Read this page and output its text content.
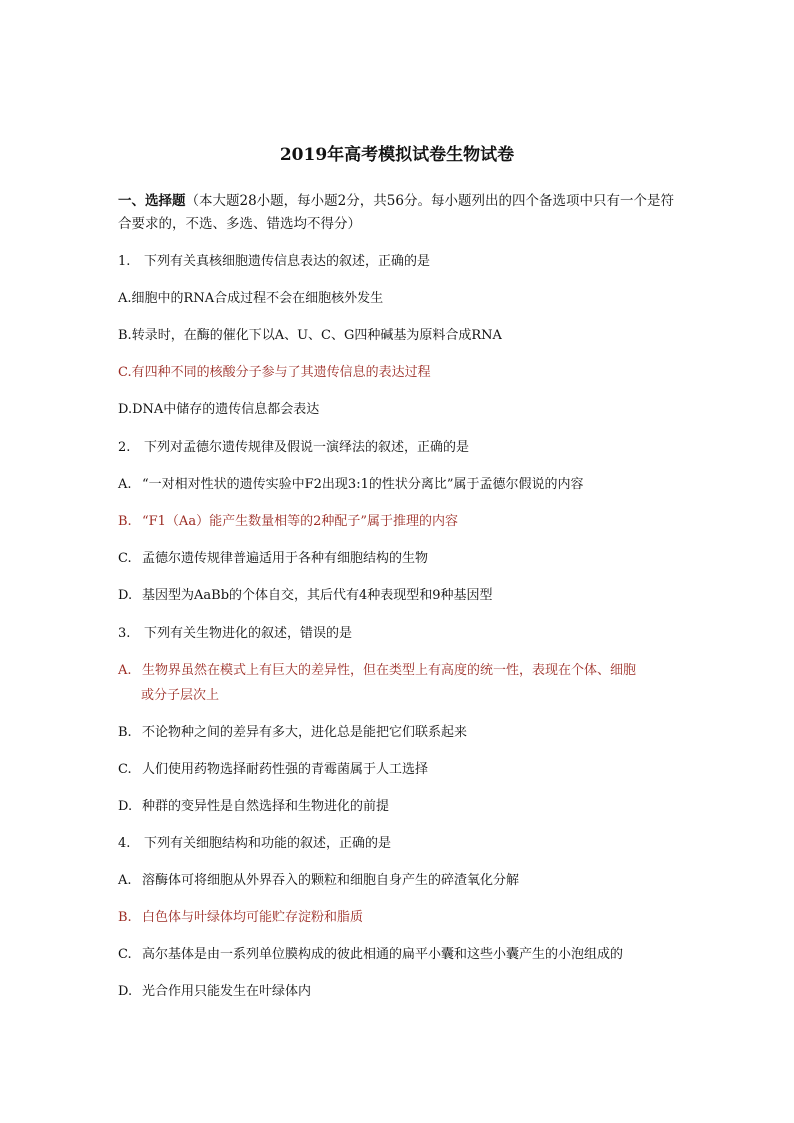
2019年高考模拟试卷生物试卷
一、选择题（本大题28小题，每小题2分，共56分。每小题列出的四个备选项中只有一个是符合要求的，不选、多选、错选均不得分）
1. 下列有关真核细胞遗传信息表达的叙述，正确的是
A.细胞中的RNA合成过程不会在细胞核外发生
B.转录时，在酶的催化下以A、U、C、G四种碱基为原料合成RNA
C.有四种不同的核酸分子参与了其遗传信息的表达过程
D.DNA中储存的遗传信息都会表达
2. 下列对孟德尔遗传规律及假说一演绎法的叙述，正确的是
A. “一对相对性状的遗传实验中F2出现3:1的性状分离比”属于孟德尔假说的内容
B. “F1（Aa）能产生数量相等的2种配子”属于推理的内容
C. 孟德尔遗传规律普遍适用于各种有细胞结构的生物
D. 基因型为AaBb的个体自交，其后代有4种表现型和9种基因型
3. 下列有关生物进化的叙述，错误的是
A. 生物界虽然在模式上有巨大的差异性，但在类型上有高度的统一性，表现在个体、细胞
或分子层次上
B. 不论物种之间的差异有多大，进化总是能把它们联系起来
C. 人们使用药物选择耐药性强的青霉菌属于人工选择
D. 种群的变异性是自然选择和生物进化的前提
4. 下列有关细胞结构和功能的叙述，正确的是
A. 溶酶体可将细胞从外界吞入的颗粒和细胞自身产生的碎渣氧化分解
B. 白色体与叶绿体均可能贮存淀粉和脂质
C. 高尔基体是由一系列单位膜构成的彼此相通的扁平小囊和这些小囊产生的小泡组成的
D. 光合作用只能发生在叶绿体内
